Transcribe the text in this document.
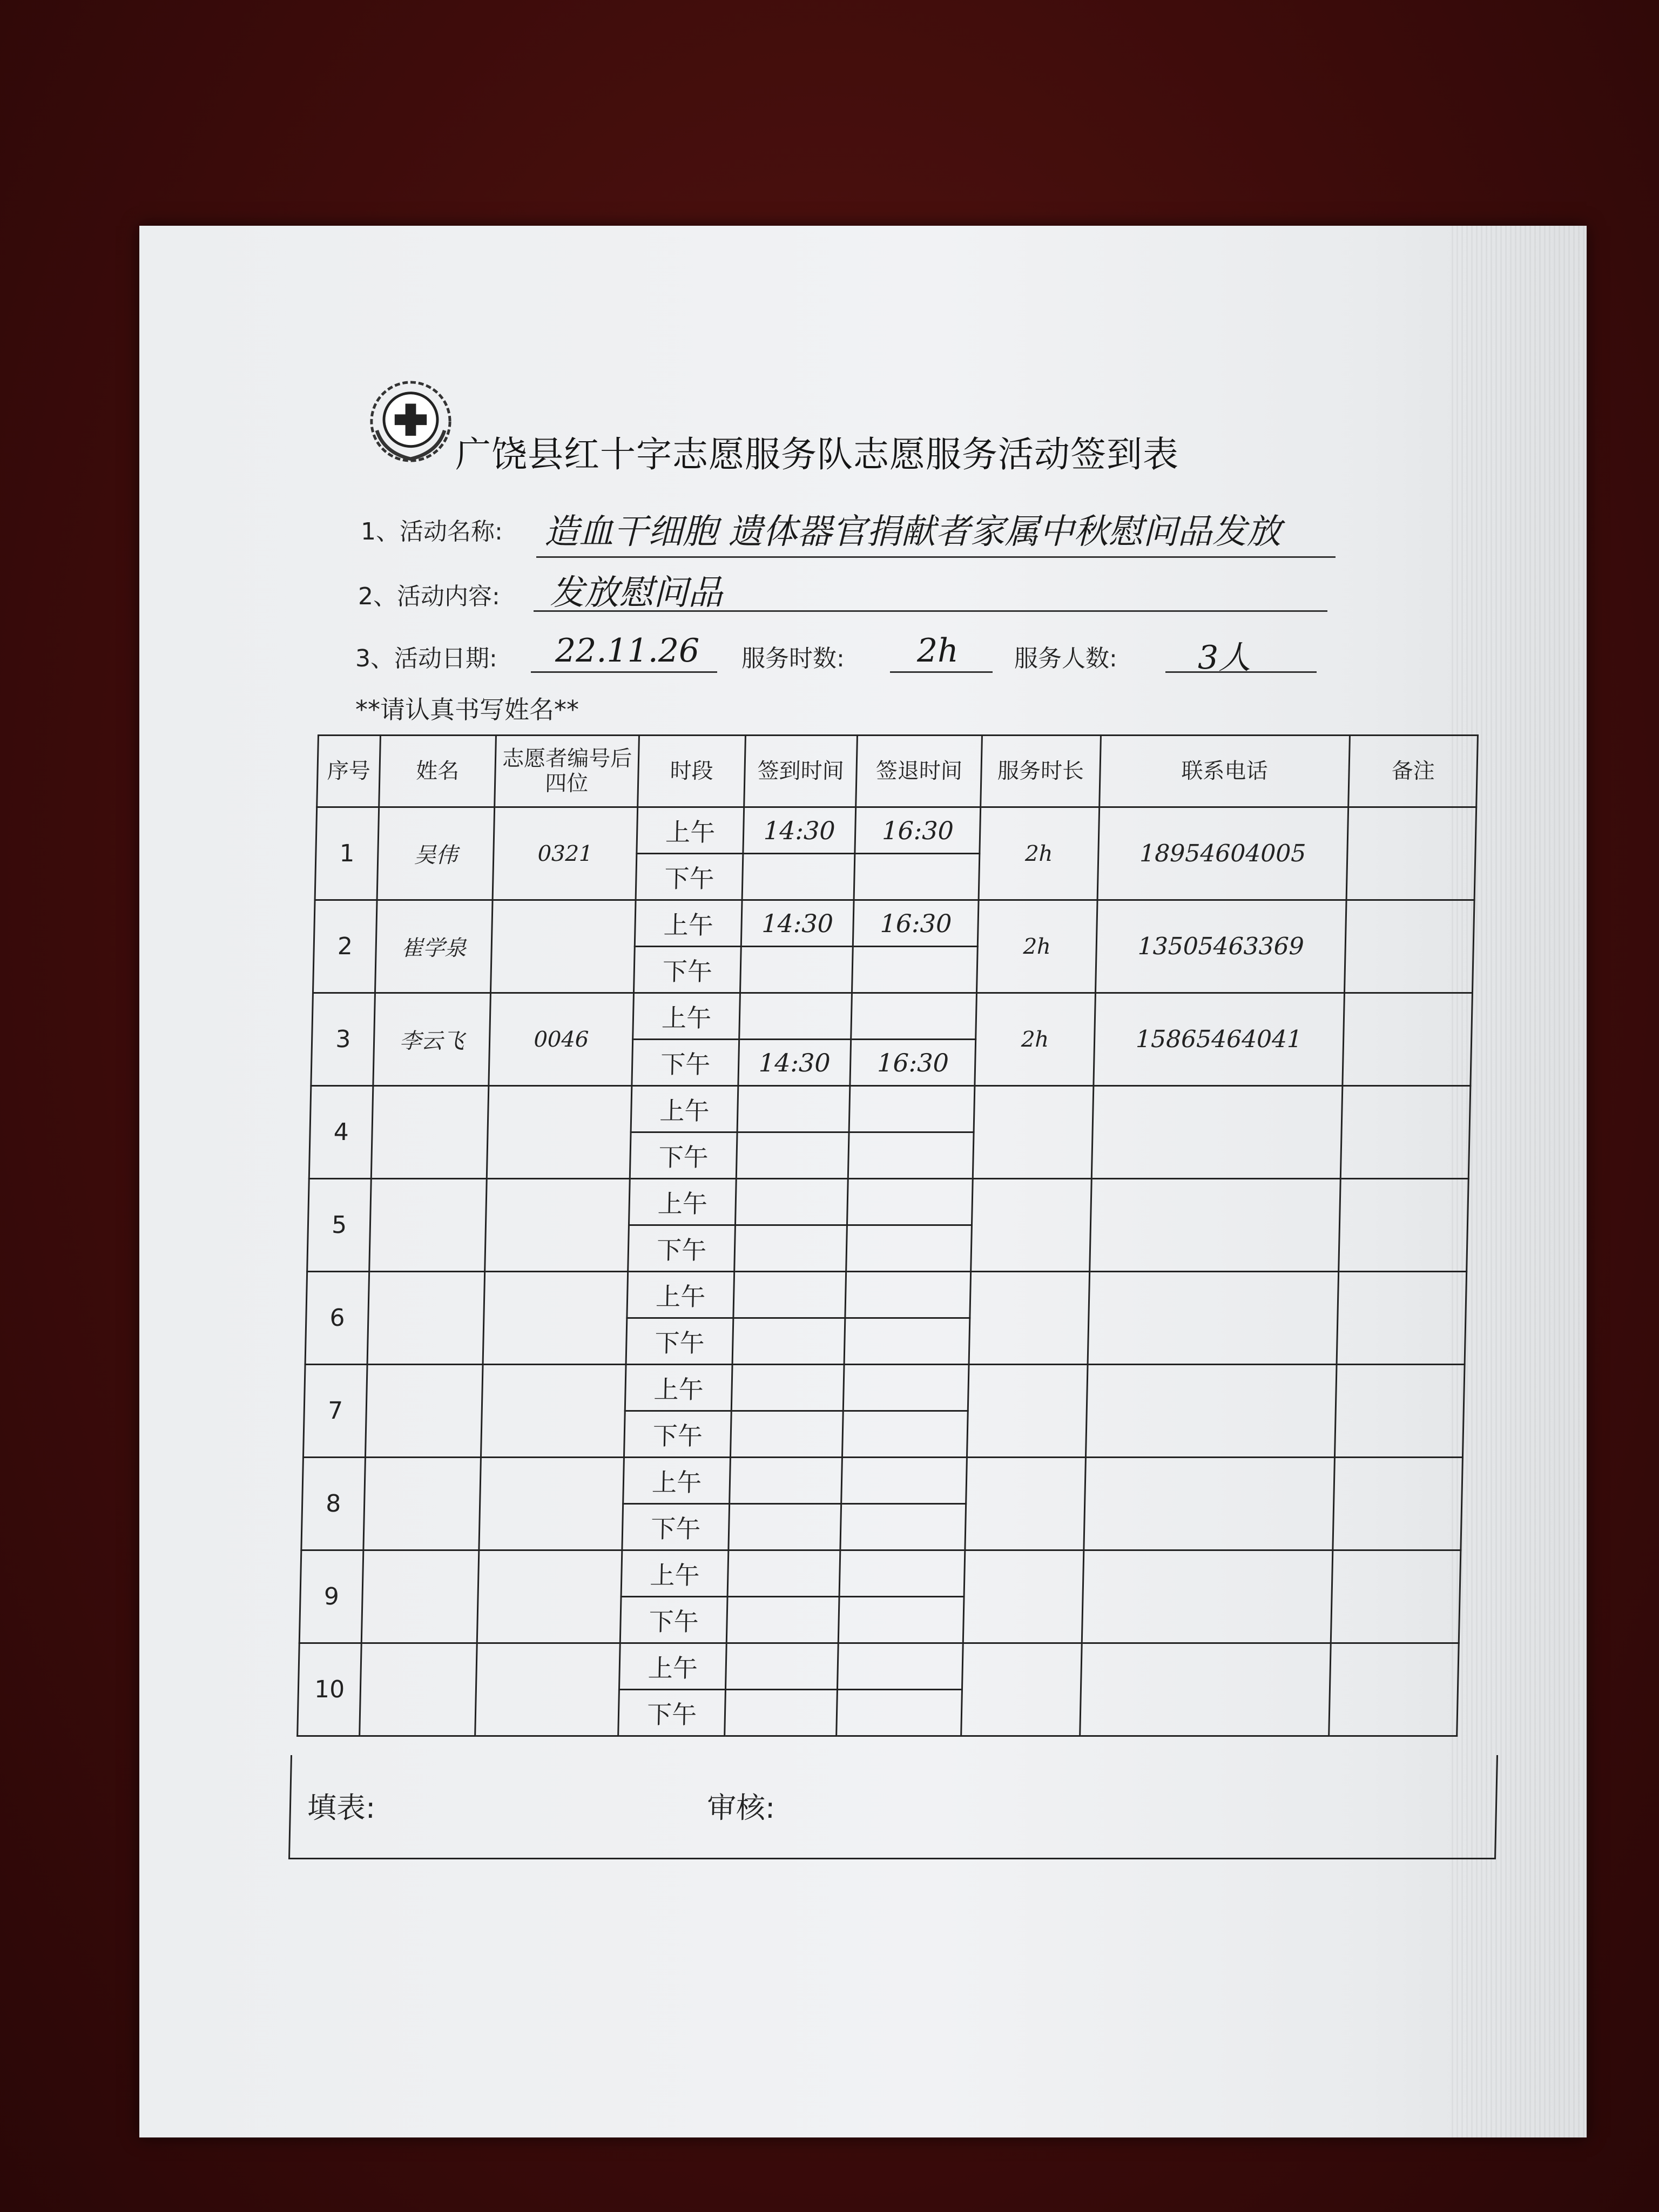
广饶县红十字志愿服务队志愿服务活动签到表
1、活动名称: 造血干细胞 遗体器官捐献者家属中秋慰问品发放
2、活动内容: 发放慰问品
3、活动日期: 22.11.26 服务时数: 2h 服务人数: 3人
**请认真书写姓名**
序号	姓名	志愿者编号后四位	时段	签到时间	签退时间	服务时长	联系电话	备注
1	吴伟	0321	上午	14:30	16:30	2h	18954604005	
			下午					
2	崔学泉		上午	14:30	16:30	2h	13505463369	
			下午					
3	李云飞	0046	上午			2h	15865464041	
			下午	14:30	16:30			
4			上午					
			下午					
5			上午					
			下午					
6			上午					
			下午					
7			上午					
			下午					
8			上午					
			下午					
9			上午					
			下午					
10			上午					
			下午					
填表:	审核:
